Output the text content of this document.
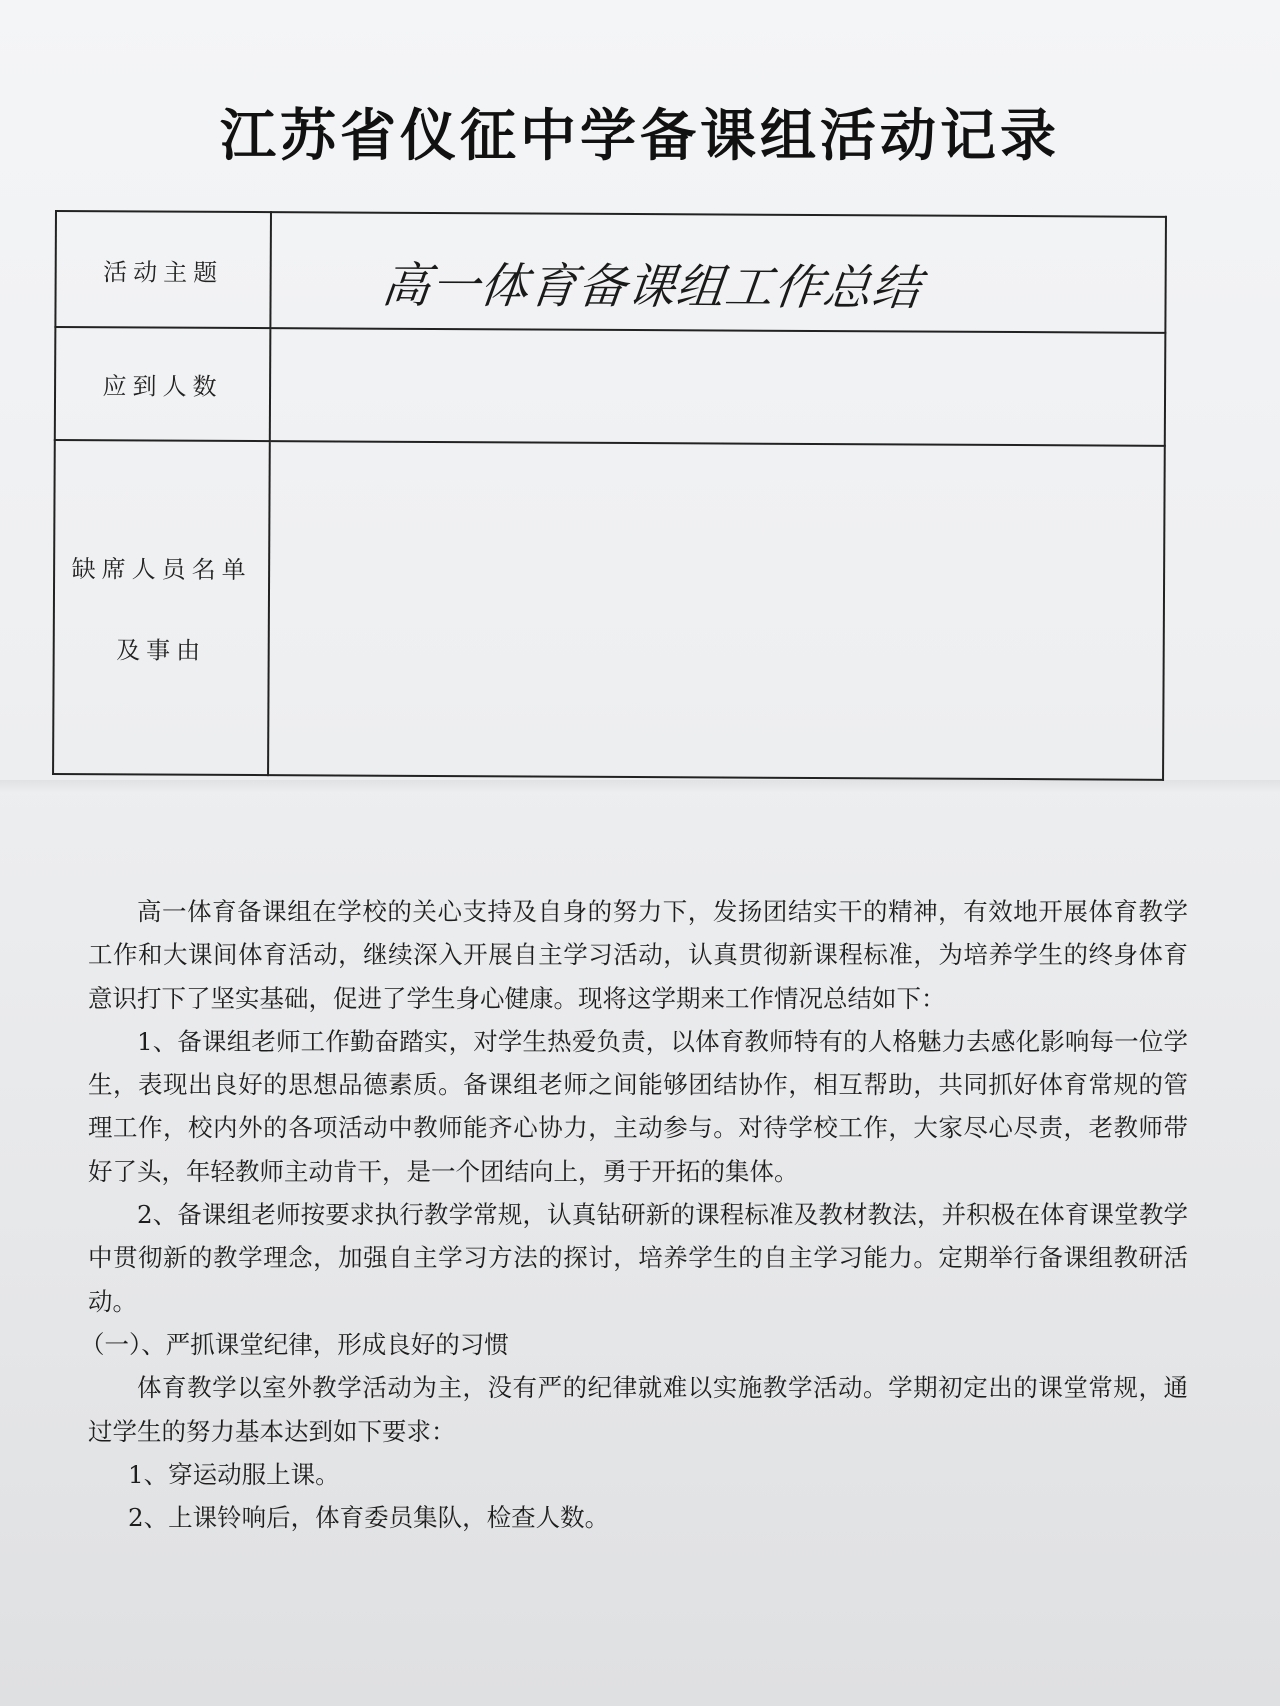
江苏省仪征中学备课组活动记录
活动主题	高一体育备课组工作总结

应到人数	

缺席人员名单
及事由	

高一体育备课组在学校的关心支持及自身的努力下，发扬团结实干的精神，有效地开展体育教学工作和大课间体育活动，继续深入开展自主学习活动，认真贯彻新课程标准，为培养学生的终身体育意识打下了坚实基础，促进了学生身心健康。现将这学期来工作情况总结如下：

1、备课组老师工作勤奋踏实，对学生热爱负责，以体育教师特有的人格魅力去感化影响每一位学生，表现出良好的思想品德素质。备课组老师之间能够团结协作，相互帮助，共同抓好体育常规的管理工作，校内外的各项活动中教师能齐心协力，主动参与。对待学校工作，大家尽心尽责，老教师带好了头，年轻教师主动肯干，是一个团结向上，勇于开拓的集体。

2、备课组老师按要求执行教学常规，认真钻研新的课程标准及教材教法，并积极在体育课堂教学中贯彻新的教学理念，加强自主学习方法的探讨，培养学生的自主学习能力。定期举行备课组教研活动。

（一）、严抓课堂纪律，形成良好的习惯

体育教学以室外教学活动为主，没有严的纪律就难以实施教学活动。学期初定出的课堂常规，通过学生的努力基本达到如下要求：

1、穿运动服上课。

2、上课铃响后，体育委员集队，检查人数。
